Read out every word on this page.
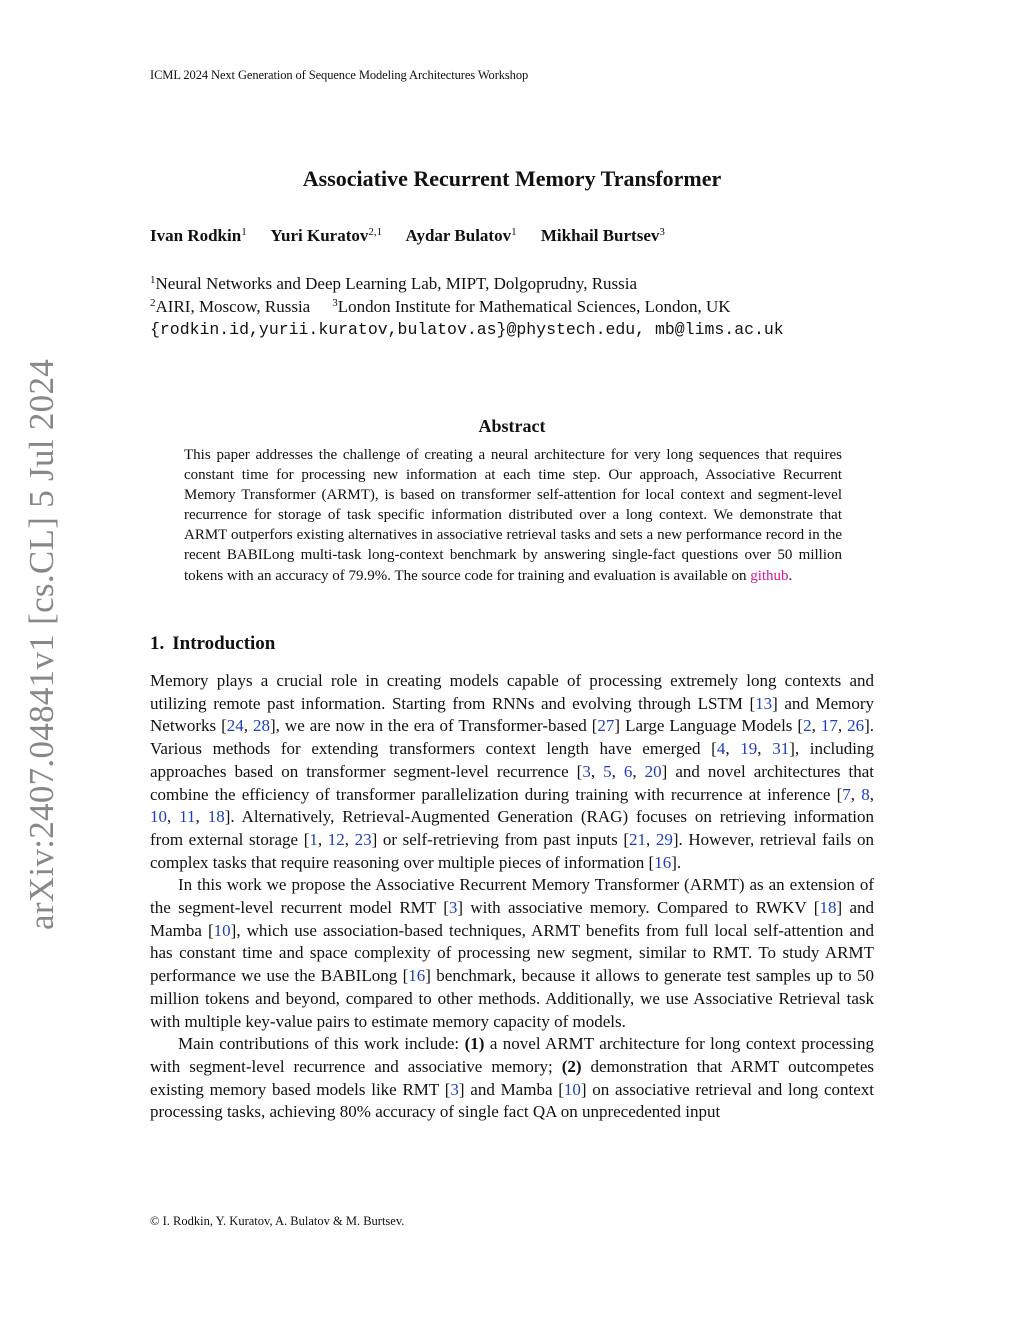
ICML 2024 Next Generation of Sequence Modeling Architectures Workshop
Associative Recurrent Memory Transformer
Ivan Rodkin$^1$ Yuri Kuratov$^{2,1}$ Aydar Bulatov$^1$ Mikhail Burtsev$^3$
$^1$Neural Networks and Deep Learning Lab, MIPT, Dolgoprudny, Russia
$^2$AIRI, Moscow, Russia $^3$London Institute for Mathematical Sciences, London, UK
{rodkin.id,yurii.kuratov,bulatov.as}@phystech.edu, mb@lims.ac.uk
arXiv:2407.04841v1 [cs.CL] 5 Jul 2024	Abstract

This paper addresses the challenge of creating a neural architecture for very long sequences that requires constant time for processing new information at each time step. Our approach, Associative Recurrent Memory Transformer (ARMT), is based on transformer self-attention for local context and segment-level recurrence for storage of task specific information distributed over a long context. We demonstrate that ARMT outperfors existing alternatives in associative retrieval tasks and sets a new performance record in the recent BABILong multi-task long-context benchmark by answering single-fact questions over 50 million tokens with an accuracy of 79.9%. The source code for training and evaluation is available on github.

1. Introduction

Memory plays a crucial role in creating models capable of processing extremely long contexts and utilizing remote past information. Starting from RNNs and evolving through LSTM [13] and Memory Networks [24, 28], we are now in the era of Transformer-based [27] Large Language Models [2, 17, 26]. Various methods for extending transformers context length have emerged [4, 19, 31], including approaches based on transformer segment-level recurrence [3, 5, 6, 20] and novel architectures that combine the efficiency of transformer parallelization during training with recurrence at inference [7, 8, 10, 11, 18]. Alternatively, Retrieval-Augmented Generation (RAG) focuses on retrieving information from external storage [1, 12, 23] or self-retrieving from past inputs [21, 29]. However, retrieval fails on complex tasks that require reasoning over multiple pieces of information [16].

In this work we propose the Associative Recurrent Memory Transformer (ARMT) as an extension of the segment-level recurrent model RMT [3] with associative memory. Compared to RWKV [18] and Mamba [10], which use association-based techniques, ARMT benefits from full local self-attention and has constant time and space complexity of processing new segment, similar to RMT. To study ARMT performance we use the BABILong [16] benchmark, because it allows to generate test samples up to 50 million tokens and beyond, compared to other methods. Additionally, we use Associative Retrieval task with multiple key-value pairs to estimate memory capacity of models.

Main contributions of this work include: (1) a novel ARMT architecture for long context processing with segment-level recurrence and associative memory; (2) demonstration that ARMT outcompetes existing memory based models like RMT [3] and Mamba [10] on associative retrieval and long context processing tasks, achieving 80% accuracy of single fact QA on unprecedented input

© I. Rodkin, Y. Kuratov, A. Bulatov & M. Burtsev.
